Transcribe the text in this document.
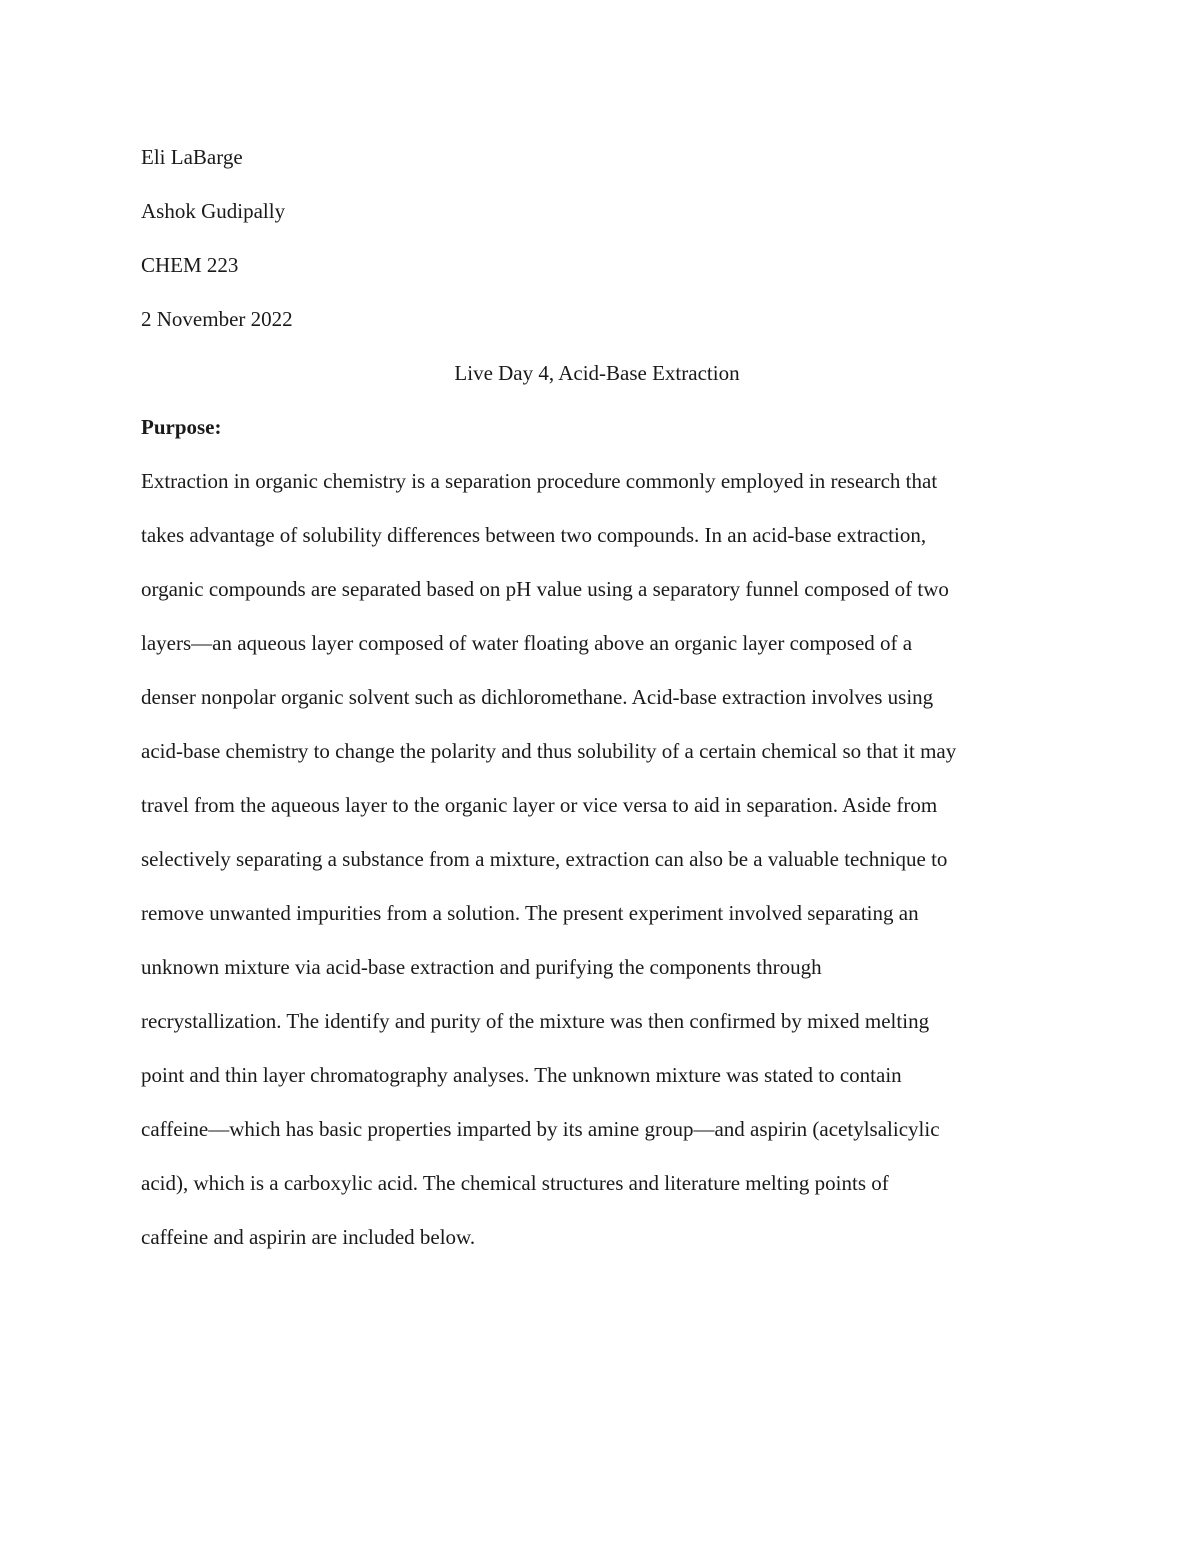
Eli LaBarge
Ashok Gudipally
CHEM 223
2 November 2022
Live Day 4, Acid-Base Extraction
Purpose:
Extraction in organic chemistry is a separation procedure commonly employed in research that
takes advantage of solubility differences between two compounds. In an acid-base extraction,
organic compounds are separated based on pH value using a separatory funnel composed of two
layers—an aqueous layer composed of water floating above an organic layer composed of a
denser nonpolar organic solvent such as dichloromethane. Acid-base extraction involves using
acid-base chemistry to change the polarity and thus solubility of a certain chemical so that it may
travel from the aqueous layer to the organic layer or vice versa to aid in separation. Aside from
selectively separating a substance from a mixture, extraction can also be a valuable technique to
remove unwanted impurities from a solution. The present experiment involved separating an
unknown mixture via acid-base extraction and purifying the components through
recrystallization. The identify and purity of the mixture was then confirmed by mixed melting
point and thin layer chromatography analyses. The unknown mixture was stated to contain
caffeine—which has basic properties imparted by its amine group—and aspirin (acetylsalicylic
acid), which is a carboxylic acid. The chemical structures and literature melting points of
caffeine and aspirin are included below.
